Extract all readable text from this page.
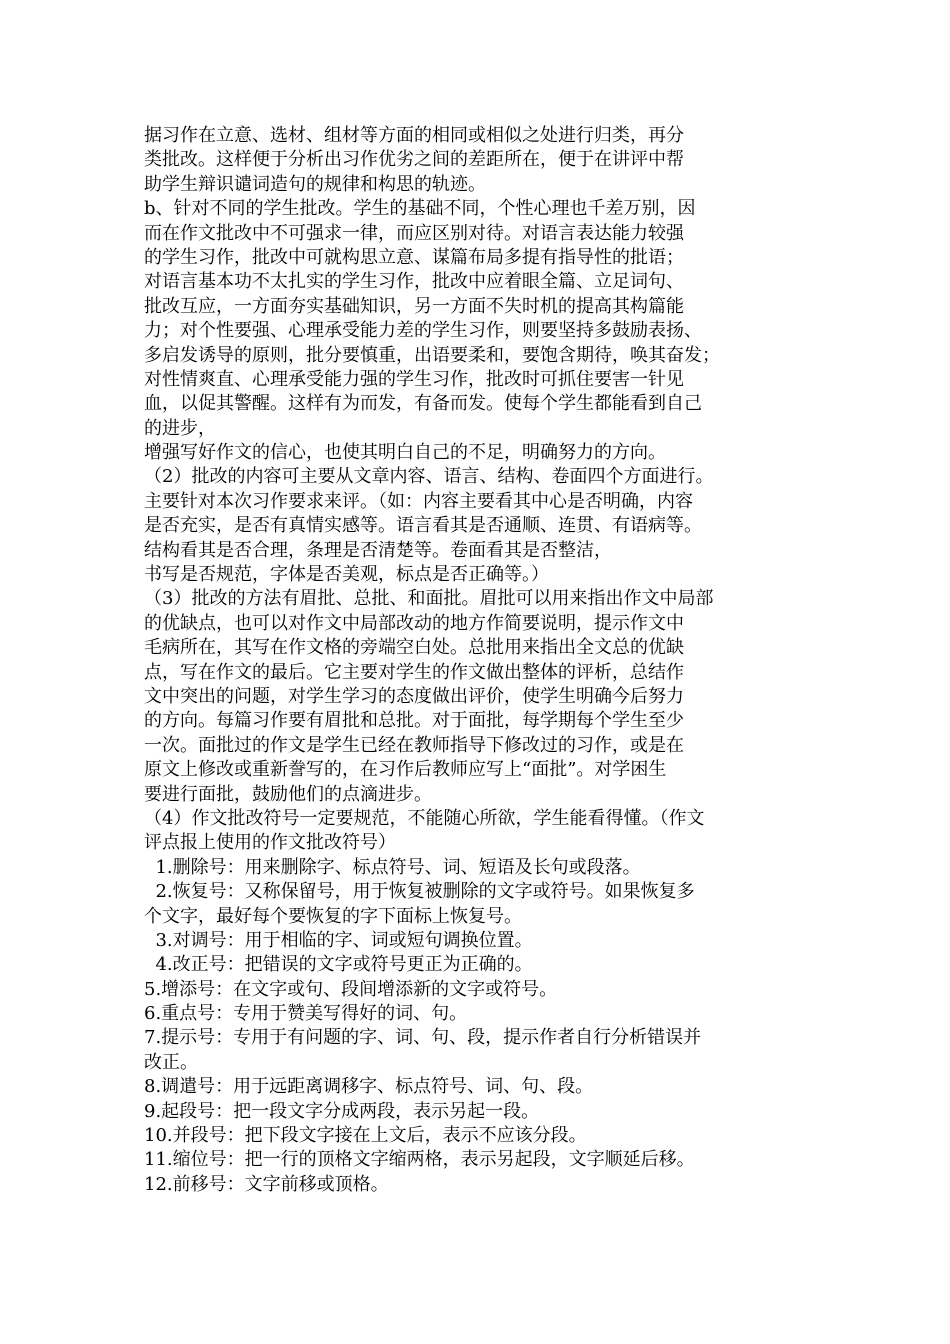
据习作在立意、选材、组材等方面的相同或相似之处进行归类，再分
类批改。这样便于分析出习作优劣之间的差距所在，便于在讲评中帮
助学生辩识谴词造句的规律和构思的轨迹。
b、针对不同的学生批改。学生的基础不同，个性心理也千差万别，因
而在作文批改中不可强求一律，而应区别对待。对语言表达能力较强
的学生习作，批改中可就构思立意、谋篇布局多提有指导性的批语；
对语言基本功不太扎实的学生习作，批改中应着眼全篇、立足词句、
批改互应，一方面夯实基础知识，另一方面不失时机的提高其构篇能
力；对个性要强、心理承受能力差的学生习作，则要坚持多鼓励表扬、
多启发诱导的原则，批分要慎重，出语要柔和，要饱含期待，唤其奋发；
对性情爽直、心理承受能力强的学生习作，批改时可抓住要害一针见
血，以促其警醒。这样有为而发，有备而发。使每个学生都能看到自己
的进步，
增强写好作文的信心，也使其明白自己的不足，明确努力的方向。
（2）批改的内容可主要从文章内容、语言、结构、卷面四个方面进行。
主要针对本次习作要求来评。（如：内容主要看其中心是否明确，内容
是否充实，是否有真情实感等。语言看其是否通顺、连贯、有语病等。
结构看其是否合理，条理是否清楚等。卷面看其是否整洁，
书写是否规范，字体是否美观，标点是否正确等。）
（3）批改的方法有眉批、总批、和面批。眉批可以用来指出作文中局部
的优缺点，也可以对作文中局部改动的地方作简要说明，提示作文中
毛病所在，其写在作文格的旁端空白处。总批用来指出全文总的优缺
点，写在作文的最后。它主要对学生的作文做出整体的评析，总结作
文中突出的问题，对学生学习的态度做出评价，使学生明确今后努力
的方向。每篇习作要有眉批和总批。对于面批，每学期每个学生至少
一次。面批过的作文是学生已经在教师指导下修改过的习作，或是在
原文上修改或重新誊写的，在习作后教师应写上“面批”。对学困生
要进行面批，鼓励他们的点滴进步。
（4）作文批改符号一定要规范，不能随心所欲，学生能看得懂。（作文
评点报上使用的作文批改符号）
1.删除号：用来删除字、标点符号、词、短语及长句或段落。
2.恢复号：又称保留号，用于恢复被删除的文字或符号。如果恢复多
个文字，最好每个要恢复的字下面标上恢复号。
3.对调号：用于相临的字、词或短句调换位置。
4.改正号：把错误的文字或符号更正为正确的。
5.增添号：在文字或句、段间增添新的文字或符号。
6.重点号：专用于赞美写得好的词、句。
7.提示号：专用于有问题的字、词、句、段，提示作者自行分析错误并
改正。
8.调遣号：用于远距离调移字、标点符号、词、句、段。
9.起段号：把一段文字分成两段，表示另起一段。
10.并段号：把下段文字接在上文后，表示不应该分段。
11.缩位号：把一行的顶格文字缩两格，表示另起段，文字顺延后移。
12.前移号：文字前移或顶格。
